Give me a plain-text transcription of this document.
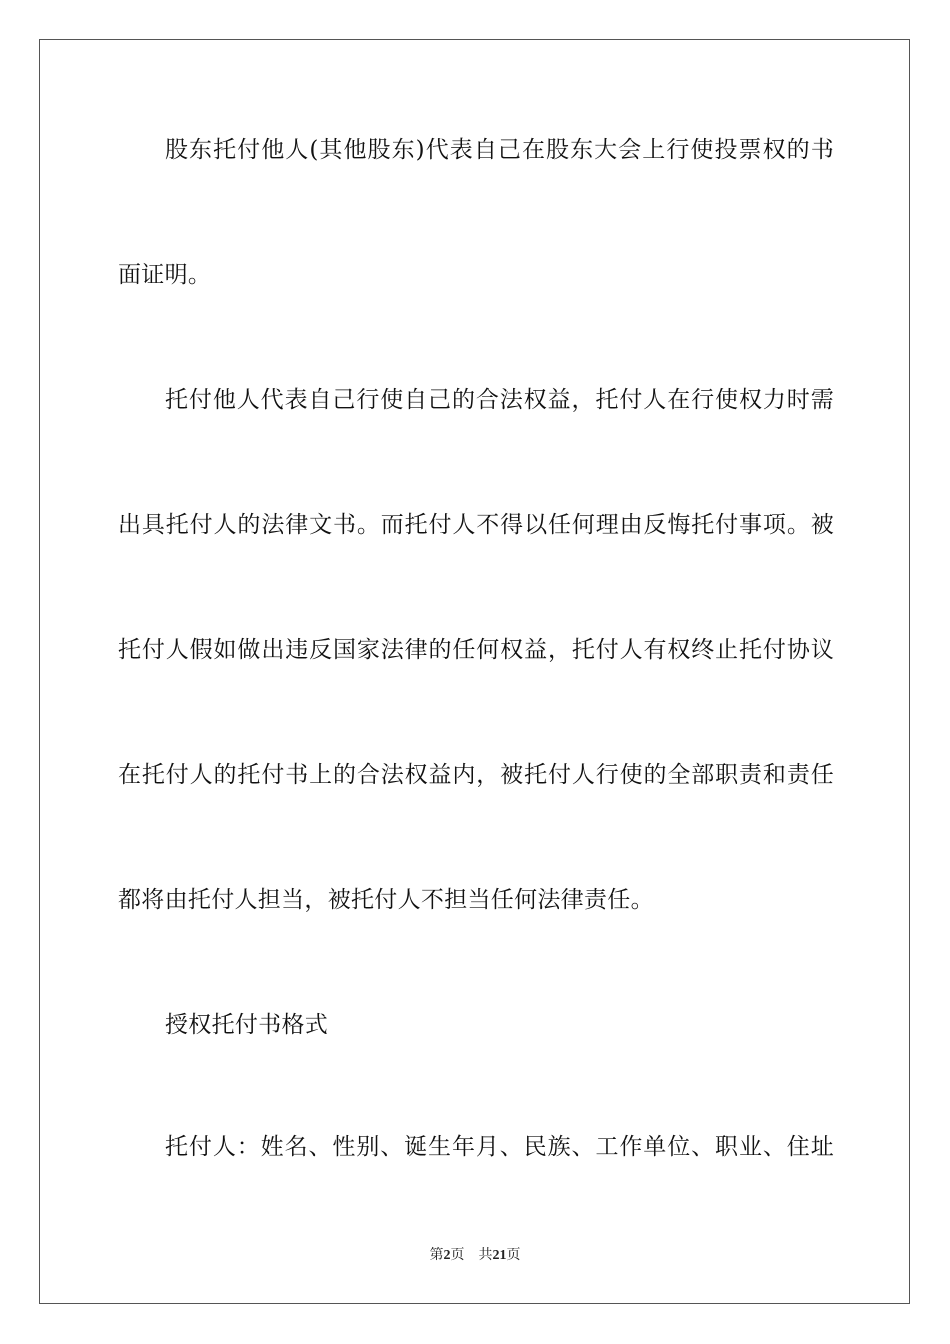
股东托付他人(其他股东)代表自己在股东大会上行使投票权的书
面证明。
托付他人代表自己行使自己的合法权益，托付人在行使权力时需
出具托付人的法律文书。而托付人不得以任何理由反悔托付事项。被
托付人假如做出违反国家法律的任何权益，托付人有权终止托付协议
在托付人的托付书上的合法权益内，被托付人行使的全部职责和责任
都将由托付人担当，被托付人不担当任何法律责任。
授权托付书格式
托付人：姓名、性别、诞生年月、民族、工作单位、职业、住址
第2页 共21页
